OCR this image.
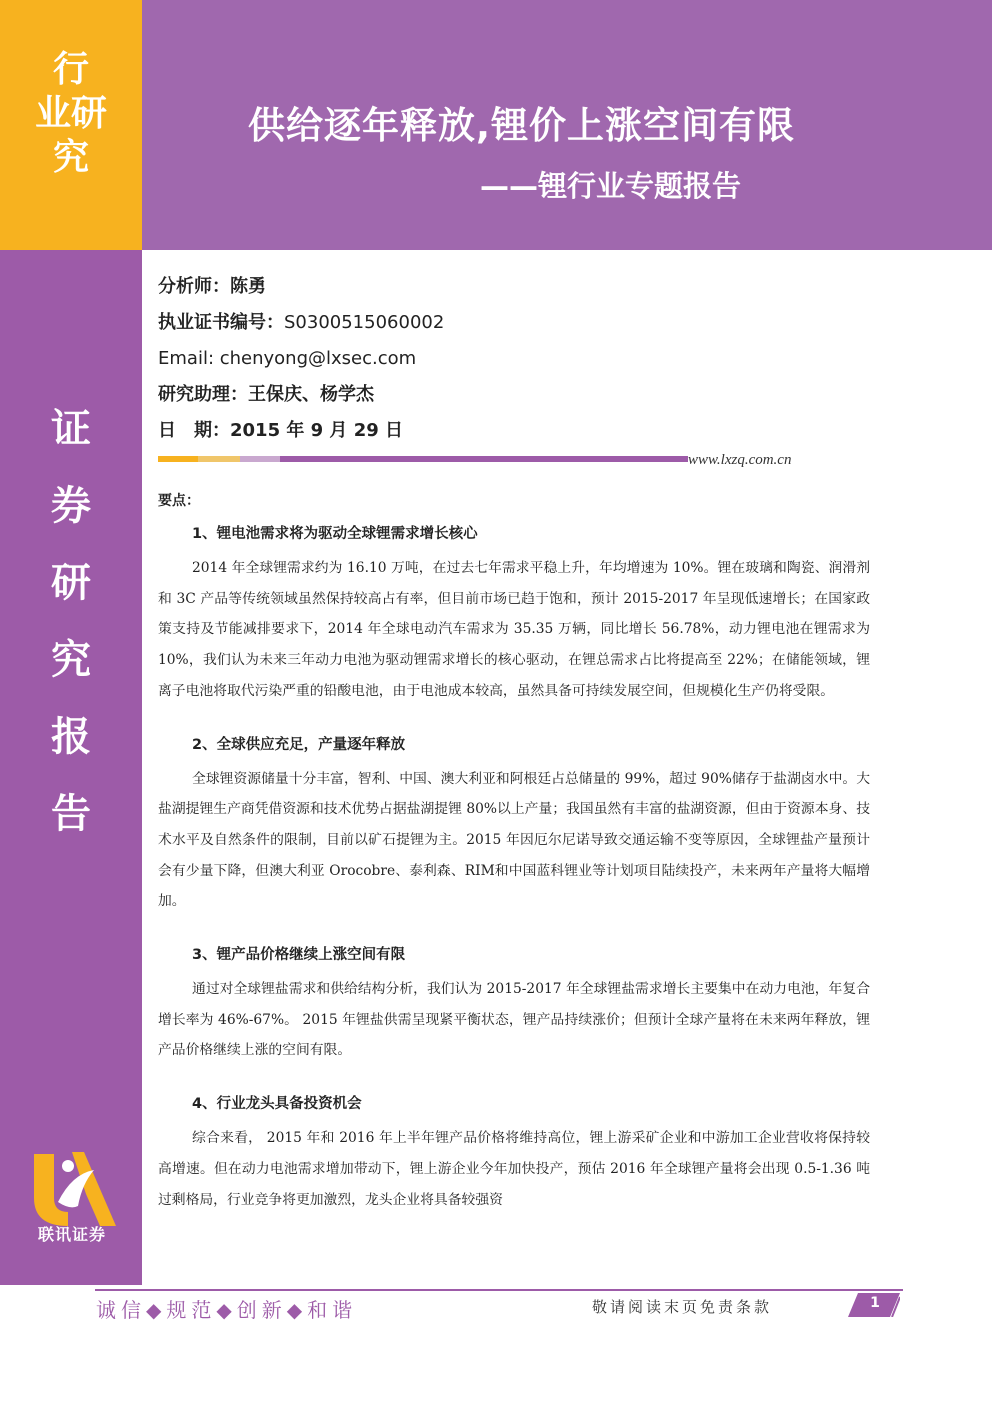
行
业研
究
证
券
研
究
报
告
供给逐年释放,锂价上涨空间有限
——锂行业专题报告
分析师：陈勇
执业证书编号：S0300515060002
Email: chenyong@lxsec.com
研究助理：王保庆、杨学杰
日　期：2015 年 9 月 29 日
www.lxzq.com.cn
要点：
1、锂电池需求将为驱动全球锂需求增长核心

2014 年全球锂需求约为 16.10 万吨，在过去七年需求平稳上升，年均增速为 10%。锂在玻璃和陶瓷、润滑剂和 3C 产品等传统领域虽然保持较高占有率，但目前市场已趋于饱和，预计 2015-2017 年呈现低速增长；在国家政策支持及节能减排要求下，2014 年全球电动汽车需求为 35.35 万辆，同比增长 56.78%，动力锂电池在锂需求为 10%，我们认为未来三年动力电池为驱动锂需求增长的核心驱动，在锂总需求占比将提高至 22%；在储能领域，锂离子电池将取代污染严重的铅酸电池，由于电池成本较高，虽然具备可持续发展空间，但规模化生产仍将受限。

2、全球供应充足，产量逐年释放

全球锂资源储量十分丰富，智利、中国、澳大利亚和阿根廷占总储量的 99%，超过 90%储存于盐湖卤水中。大盐湖提锂生产商凭借资源和技术优势占据盐湖提锂 80%以上产量；我国虽然有丰富的盐湖资源，但由于资源本身、技术水平及自然条件的限制，目前以矿石提锂为主。2015 年因厄尔尼诺导致交通运输不变等原因，全球锂盐产量预计会有少量下降，但澳大利亚 Orocobre、泰利森、RIM和中国蓝科锂业等计划项目陆续投产，未来两年产量将大幅增加。

3、锂产品价格继续上涨空间有限

通过对全球锂盐需求和供给结构分析，我们认为 2015-2017 年全球锂盐需求增长主要集中在动力电池，年复合增长率为 46%-67%。 2015 年锂盐供需呈现紧平衡状态，锂产品持续涨价；但预计全球产量将在未来两年释放，锂产品价格继续上涨的空间有限。

4、行业龙头具备投资机会

综合来看， 2015 年和 2016 年上半年锂产品价格将维持高位，锂上游采矿企业和中游加工企业营收将保持较高增速。但在动力电池需求增加带动下，锂上游企业今年加快投产，预估 2016 年全球锂产量将会出现 0.5-1.36 吨过剩格局，行业竞争将更加激烈，龙头企业将具备较强资

联讯证券
诚信◆规范◆创新◆和谐	敬请阅读末页免责条款	1
